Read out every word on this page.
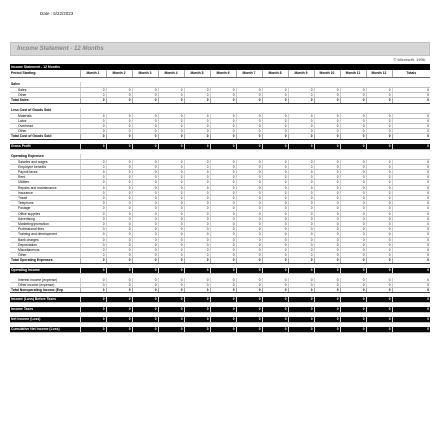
Date : 6/22/2023
Income Statement - 12 Months
© Microsoft, 1996.
Income Statement - 12 Months													
Period Starting:	Month 1	Month 2	Month 3	Month 4	Month 5	Month 6	Month 7	Month 8	Month 9	Month 10	Month 11	Month 12	Totals

Sales													
Sales	0	0	0	0	0	0	0	0	0	0	0	0	0
Other	0	0	0	0	0	0	0	0	0	0	0	0	0
Total Sales	0	0	0	0	0	0	0	0	0	0	0	0	0

Less Cost of Goods Sold													
Materials	0	0	0	0	0	0	0	0	0	0	0	0	0
Labor	0	0	0	0	0	0	0	0	0	0	0	0	0
Overhead	0	0	0	0	0	0	0	0	0	0	0	0	0
Other	0	0	0	0	0	0	0	0	0	0	0	0	0
Total Cost of Goods Sold	0	0	0	0	0	0	0	0	0	0	0	0	0

Gross Profit	0	0	0	0	0	0	0	0	0	0	0	0	0

Operating Expenses													
Salaries and wages	0	0	0	0	0	0	0	0	0	0	0	0	0
Employee benefits	0	0	0	0	0	0	0	0	0	0	0	0	0
Payroll taxes	0	0	0	0	0	0	0	0	0	0	0	0	0
Rent	0	0	0	0	0	0	0	0	0	0	0	0	0
Utilities	0	0	0	0	0	0	0	0	0	0	0	0	0
Repairs and maintenance	0	0	0	0	0	0	0	0	0	0	0	0	0
Insurance	0	0	0	0	0	0	0	0	0	0	0	0	0
Travel	0	0	0	0	0	0	0	0	0	0	0	0	0
Telephone	0	0	0	0	0	0	0	0	0	0	0	0	0
Postage	0	0	0	0	0	0	0	0	0	0	0	0	0
Office supplies	0	0	0	0	0	0	0	0	0	0	0	0	0
Advertising	0	0	0	0	0	0	0	0	0	0	0	0	0
Marketing/promotion	0	0	0	0	0	0	0	0	0	0	0	0	0
Professional fees	0	0	0	0	0	0	0	0	0	0	0	0	0
Training and development	0	0	0	0	0	0	0	0	0	0	0	0	0
Bank charges	0	0	0	0	0	0	0	0	0	0	0	0	0
Depreciation	0	0	0	0	0	0	0	0	0	0	0	0	0
Miscellaneous	0	0	0	0	0	0	0	0	0	0	0	0	0
Other	0	0	0	0	0	0	0	0	0	0	0	0	0
Total Operating Expenses	0	0	0	0	0	0	0	0	0	0	0	0	0

Operating Income	0	0	0	0	0	0	0	0	0	0	0	0	0

Interest income (expense)	0	0	0	0	0	0	0	0	0	0	0	0	0
Other income (expense)	0	0	0	0	0	0	0	0	0	0	0	0	0
Total Nonoperating Income (Exp	0	0	0	0	0	0	0	0	0	0	0	0	0

Income (Loss) Before Taxes	0	0	0	0	0	0	0	0	0	0	0	0	0

Income Taxes	0	0	0	0	0	0	0	0	0	0	0	0	0

Net Income (Loss)	0	0	0	0	0	0	0	0	0	0	0	0	0

Cumulative Net Income (Loss)	0	0	0	0	0	0	0	0	0	0	0	0	0
